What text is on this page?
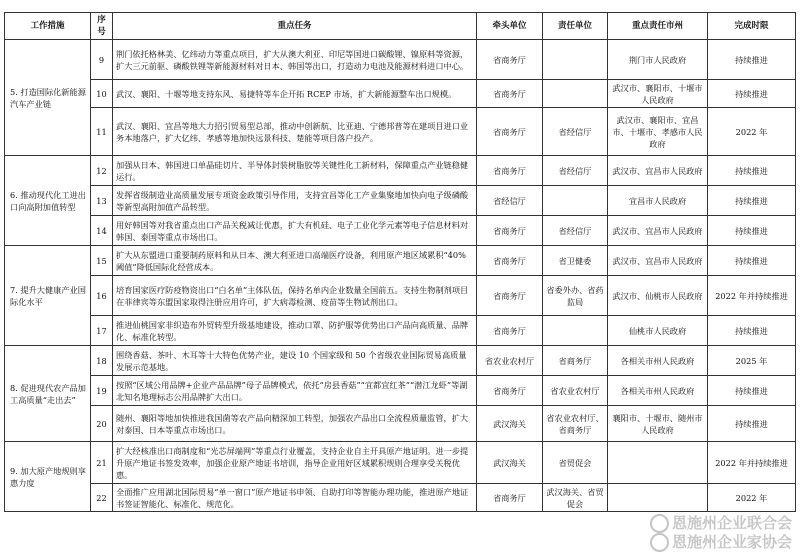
工作措施	序号	重点任务	牵头单位	责任单位	重点责任市州	完成时限
5. 打造国际化新能源汽车产业链	9	荆门依托格林美、亿纬动力等重点项目，扩大从澳大利亚、印尼等国进口碳酸锂、镍原料等资源，扩大三元前驱、磷酸铁锂等新能源材料对日本、韩国等出口，打造动力电池及能源材料进口中心。	省商务厅		荆门市人民政府	持续推进
	10	武汉、襄阳、十堰等地支持东风、易捷特等车企开拓 RCEP 市场，扩大新能源整车出口规模。	省商务厅		武汉市、襄阳市、十堰市人民政府	持续推进
	11	武汉、襄阳、宜昌等地大力招引贸易型总部，推动中创新航、比亚迪、宁德邦普等在建项目进口业务本地落户，扩大亿纬、孝感等地加快远景科技、楚能等项目落户投产。	省商务厅	省经信厅	武汉市、襄阳市、宜昌市、十堰市、孝感市人民政府	2022 年
6. 推动现代化工进出口向高附加值转型	12	加强从日本、韩国进口单晶硅切片、半导体封装树脂胶等关键性化工新材料，保障重点产业链稳健运行。	省商务厅	省经信厅	武汉市、宜昌市人民政府	持续推进
	13	发挥省级制造业高质量发展专项资金政策引导作用，支持宜昌等化工产业集聚地加快向电子级磷酸等新型高附加值产品转型。	省经信厅		宜昌市人民政府	持续推进
	14	用好韩国等对我省重点出口产品关税减让优惠，扩大有机硅、电子工业化学元素等电子信息材料对韩国、泰国等重点市场出口。	省商务厅	省经信厅	武汉市、宜昌市人民政府	持续推进
7. 提升大健康产业国际化水平	15	扩大从东盟进口重要制药原料和从日本、澳大利亚进口高端医疗设备，利用原产地区域累积“40%阈值”降低国际化经营成本。	省商务厅	省卫健委	武汉市、宜昌市人民政府	持续推进
	16	培育国家医疗防疫物资出口“白名单”主体队伍，保持名单内企业数量全国前五。支持生物制剂项目在菲律宾等东盟国家取得注册应用许可，扩大病毒检测、疫苗等生物试剂出口。	省商务厅	省委外办、省药监局	武汉市、仙桃市人民政府	2022 年并持续推进
	17	推进仙桃国家非织造布外贸转型升级基地建设，推动口罩、防护服等优势出口产品向高质量、品牌化、标准化转型。	省商务厅		仙桃市人民政府	持续推进
8. 促进现代农产品加工高质量“走出去”	18	围绕香菇、茶叶、木耳等十大特色优势产业，建设 10 个国家级和 50 个省级农业国际贸易高质量发展示范基地。	省农业农村厅	省商务厅	各相关市州人民政府	2025 年
	19	按照“区域公用品牌+企业产品品牌”母子品牌模式，依托“房县香菇”“宜都宜红茶”“潜江龙虾”等湖北知名地理标志公用品牌扩大出口。	省商务厅	省农业农村厅	各相关市州人民政府	持续推进
	20	随州、襄阳等地加快推进我国菌等农产品向精深加工转型，加强农产品出口全流程质量监管，扩大对泰国、日本等重点市场出口。	武汉海关	省农业农村厅、省商务厅	襄阳市、十堰市、随州市人民政府	持续推进
9. 加大原产地规则享惠力度	21	扩大经核准出口商制度和“光芯屏端网”等重点行业覆盖，支持企业自主开具原产地证明。进一步提升原产地证书签发效率，加强企业原产地证书培训，指导企业用好区域累积规则合理享受关税优惠。	武汉海关	省贸促会		2022 年并持续推进
	22	全面推广应用湖北国际贸易“单一窗口”原产地证书申领、自助打印等智能办理功能，推进原产地证书签证智能化、标准化、规范化。	省商务厅	武汉海关、省贸促会		2022 年
恩施州企业联合会
恩施州企业家协会
